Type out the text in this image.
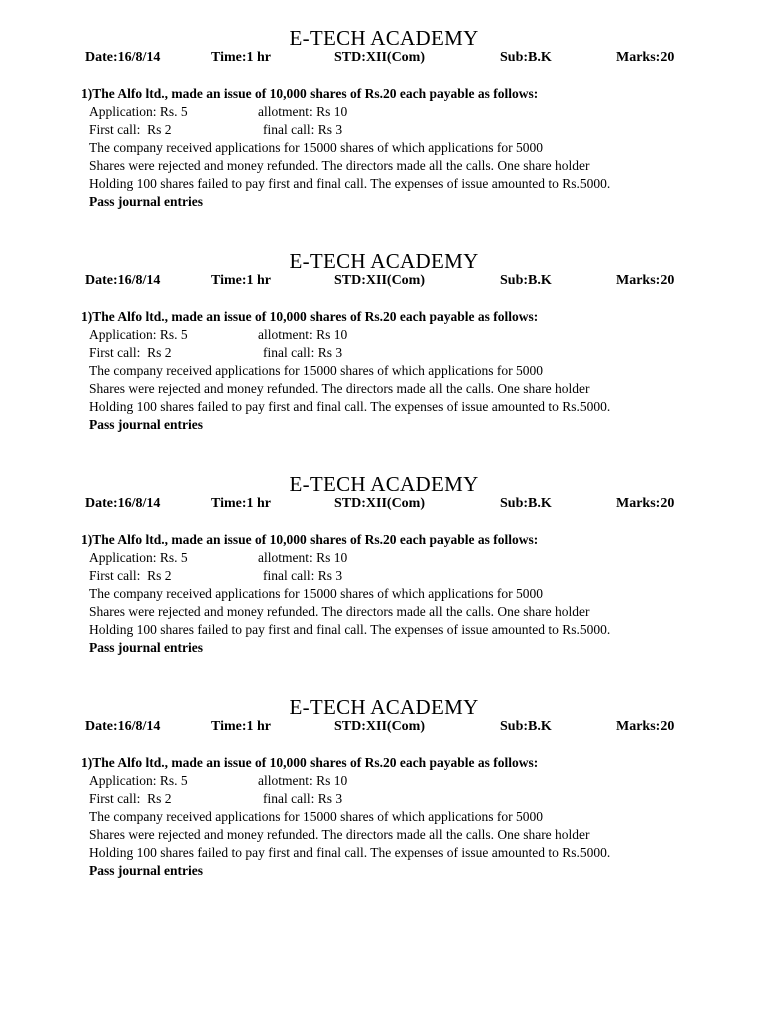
E-TECH ACADEMY
Date:16/8/14	Time:1 hr	STD:XII(Com)	Sub:B.K	Marks:20
1)The Alfo ltd., made an issue of 10,000 shares of Rs.20 each payable as follows:
Application: Rs. 5	allotment: Rs 10
First call:  Rs 2	final call: Rs 3
The company received applications for 15000 shares of which applications for 5000
Shares were rejected and money refunded. The directors made all the calls. One share holder
Holding 100 shares failed to pay first and final call. The expenses of issue amounted to Rs.5000.
Pass journal entries
E-TECH ACADEMY
Date:16/8/14	Time:1 hr	STD:XII(Com)	Sub:B.K	Marks:20
1)The Alfo ltd., made an issue of 10,000 shares of Rs.20 each payable as follows:
Application: Rs. 5	allotment: Rs 10
First call:  Rs 2	final call: Rs 3
The company received applications for 15000 shares of which applications for 5000
Shares were rejected and money refunded. The directors made all the calls. One share holder
Holding 100 shares failed to pay first and final call. The expenses of issue amounted to Rs.5000.
Pass journal entries
E-TECH ACADEMY
Date:16/8/14	Time:1 hr	STD:XII(Com)	Sub:B.K	Marks:20
1)The Alfo ltd., made an issue of 10,000 shares of Rs.20 each payable as follows:
Application: Rs. 5	allotment: Rs 10
First call:  Rs 2	final call: Rs 3
The company received applications for 15000 shares of which applications for 5000
Shares were rejected and money refunded. The directors made all the calls. One share holder
Holding 100 shares failed to pay first and final call. The expenses of issue amounted to Rs.5000.
Pass journal entries
E-TECH ACADEMY
Date:16/8/14	Time:1 hr	STD:XII(Com)	Sub:B.K	Marks:20
1)The Alfo ltd., made an issue of 10,000 shares of Rs.20 each payable as follows:
Application: Rs. 5	allotment: Rs 10
First call:  Rs 2	final call: Rs 3
The company received applications for 15000 shares of which applications for 5000
Shares were rejected and money refunded. The directors made all the calls. One share holder
Holding 100 shares failed to pay first and final call. The expenses of issue amounted to Rs.5000.
Pass journal entries
